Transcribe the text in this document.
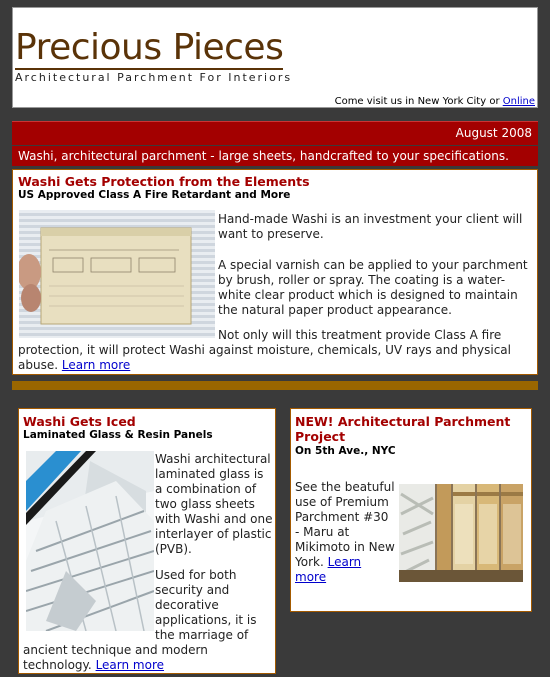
Precious Pieces
Architectural Parchment For Interiors
Come visit us in New York City or Online
August 2008
Washi, architectural parchment - large sheets, handcrafted to your specifications.
Washi Gets Protection from the Elements
US Approved Class A Fire Retardant and More
Hand-made Washi is an investment your client will want to preserve.
A special varnish can be applied to your parchment by brush, roller or spray. The coating is a water-white clear product which is designed to maintain the natural paper product appearance.
Not only will this treatment provide Class A fire protection, it will protect Washi against moisture, chemicals, UV rays and physical abuse. Learn more
Washi Gets Iced
Laminated Glass & Resin Panels
Washi architectural laminated glass is a combination of two glass sheets with Washi and one interlayer of plastic (PVB).
Used for both security and decorative applications, it is the marriage of
ancient technique and modern technology. Learn more
NEW! Architectural Parchment Project
On 5th Ave., NYC
See the beatuful use of Premium Parchment #30 - Maru at Mikimoto in New York. Learn more
